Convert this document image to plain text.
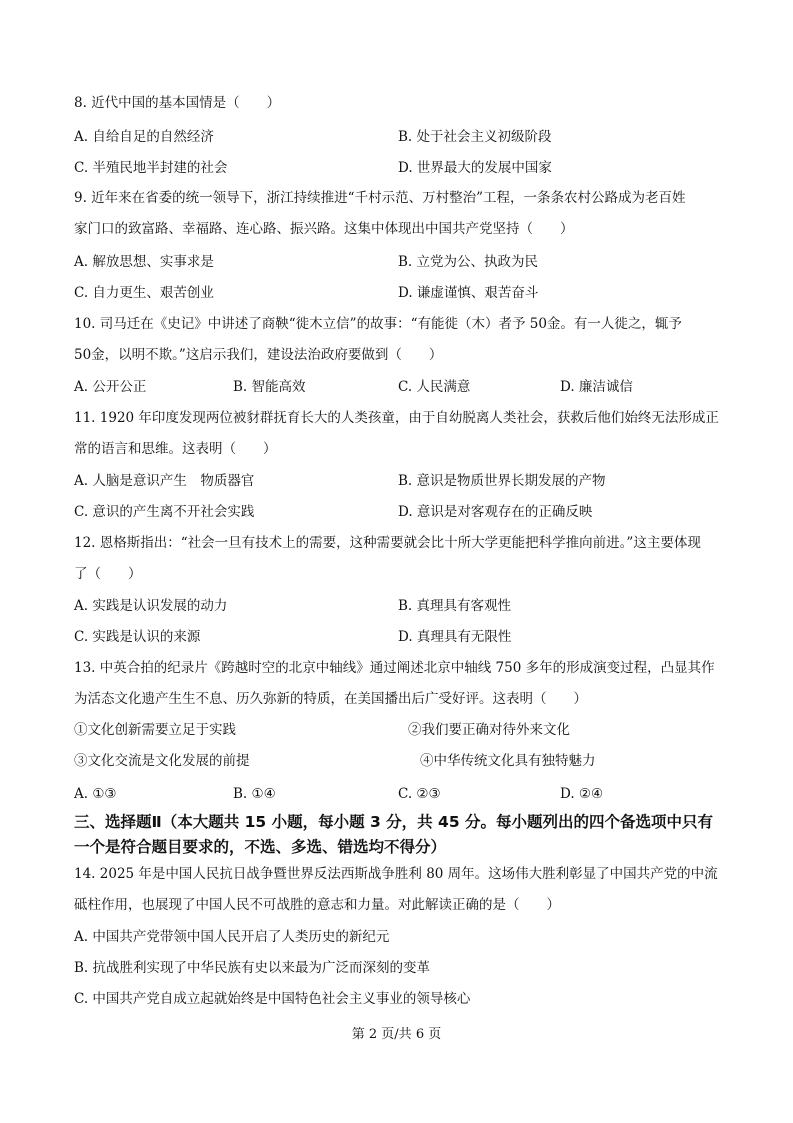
8. 近代中国的基本国情是（　　）
A. 自给自足的自然经济	B. 处于社会主义初级阶段
C. 半殖民地半封建的社会	D. 世界最大的发展中国家
9. 近年来在省委的统一领导下，浙江持续推进“千村示范、万村整治”工程，一条条农村公路成为老百姓
家门口的致富路、幸福路、连心路、振兴路。这集中体现出中国共产党坚持（　　）
A. 解放思想、实事求是	B. 立党为公、执政为民
C. 自力更生、艰苦创业	D. 谦虚谨慎、艰苦奋斗
10. 司马迁在《史记》中讲述了商鞅“徙木立信”的故事：“有能徙（木）者予 50金。有一人徙之，辄予
50金，以明不欺。”这启示我们，建设法治政府要做到（　　）
A. 公开公正	B. 智能高效	C. 人民满意	D. 廉洁诚信
11. 1920 年印度发现两位被豺群抚育长大的人类孩童，由于自幼脱离人类社会，获救后他们始终无法形成正
常的语言和思维。这表明（　　）
A. 人脑是意识产生　物质器官	B. 意识是物质世界长期发展的产物
C. 意识的产生离不开社会实践	D. 意识是对客观存在的正确反映
12. 恩格斯指出：“社会一旦有技术上的需要，这种需要就会比十所大学更能把科学推向前进。”这主要体现
了（　　）
A. 实践是认识发展的动力	B. 真理具有客观性
C. 实践是认识的来源	D. 真理具有无限性
13. 中英合拍的纪录片《跨越时空的北京中轴线》通过阐述北京中轴线 750 多年的形成演变过程，凸显其作
为活态文化遗产生生不息、历久弥新的特质，在美国播出后广受好评。这表明（　　）
①文化创新需要立足于实践	②我们要正确对待外来文化
③文化交流是文化发展的前提	④中华传统文化具有独特魅力
A. ①③	B. ①④	C. ②③	D. ②④
三、选择题Ⅱ（本大题共 15 小题，每小题 3 分，共 45 分。每小题列出的四个备选项中只有
一个是符合题目要求的，不选、多选、错选均不得分）
14. 2025 年是中国人民抗日战争暨世界反法西斯战争胜利 80 周年。这场伟大胜利彰显了中国共产党的中流
砥柱作用，也展现了中国人民不可战胜的意志和力量。对此解读正确的是（　　）
A. 中国共产党带领中国人民开启了人类历史的新纪元
B. 抗战胜利实现了中华民族有史以来最为广泛而深刻的变革
C. 中国共产党自成立起就始终是中国特色社会主义事业的领导核心
第 2 页/共 6 页
